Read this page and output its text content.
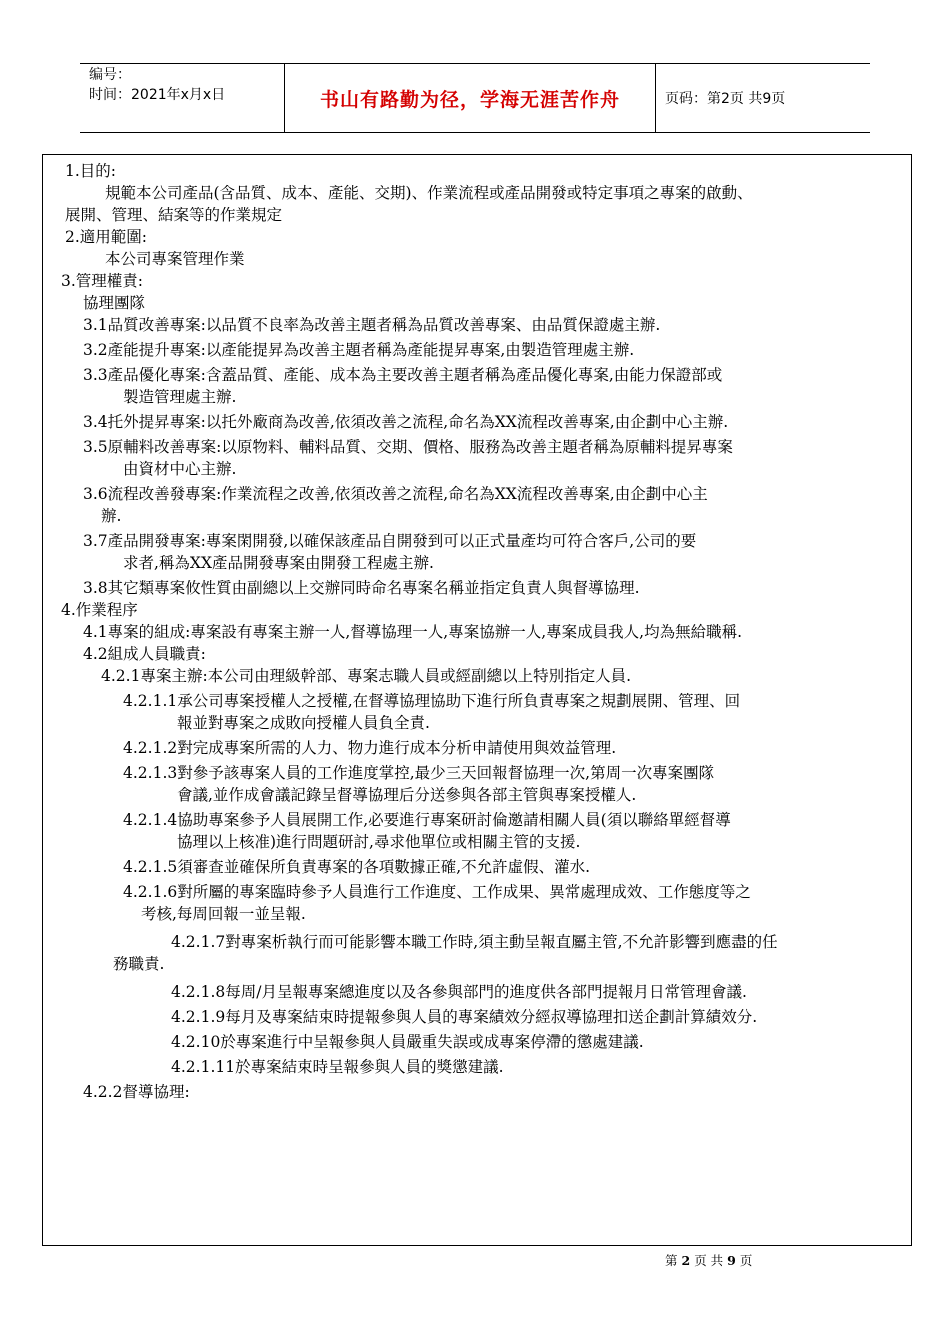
编号：
时间：2021年x月x日	书山有路勤为径，学海无涯苦作舟	页码：第2页 共9页
1.目的:
規範本公司產品(含品質、成本、產能、交期)、作業流程或產品開發或特定事項之專案的啟動、
展開、管理、結案等的作業規定
2.適用範圍:
本公司專案管理作業
3.管理權責:
協理團隊
3.1品質改善專案:以品質不良率為改善主題者稱為品質改善專案、由品質保證處主辦.
3.2產能提升專案:以產能提昇為改善主題者稱為產能提昇專案,由製造管理處主辦.
3.3產品優化專案:含蓋品質、產能、成本為主要改善主題者稱為產品優化專案,由能力保證部或
製造管理處主辦.
3.4托外提昇專案:以托外廠商為改善,依須改善之流程,命名為XX流程改善專案,由企劃中心主辦.
3.5原輔料改善專案:以原物料、輔料品質、交期、價格、服務為改善主題者稱為原輔料提昇專案
由資材中心主辦.
3.6流程改善發專案:作業流程之改善,依須改善之流程,命名為XX流程改善專案,由企劃中心主
辦.
3.7產品開發專案:專案閑開發,以確保該產品自開發到可以正式量產均可符合客戶,公司的要
求者,稱為XX產品開發專案由開發工程處主辦.
3.8其它類專案攸性質由副總以上交辦同時命名專案名稱並指定負責人與督導協理.
4.作業程序
4.1專案的組成:專案設有專案主辦一人,督導協理一人,專案協辦一人,專案成員我人,均為無給職稱.
4.2組成人員職責:
4.2.1專案主辦:本公司由理級幹部、專案志職人員或經副總以上特別指定人員.
4.2.1.1承公司專案授權人之授權,在督導協理協助下進行所負責專案之規劃展開、管理、回
報並對專案之成敗向授權人員負全責.
4.2.1.2對完成專案所需的人力、物力進行成本分析申請使用與效益管理.
4.2.1.3對參予該專案人員的工作進度掌控,最少三天回報督協理一次,第周一次專案團隊
會議,並作成會議記錄呈督導協理后分送參與各部主管與專案授權人.
4.2.1.4協助專案參予人員展開工作,必要進行專案研討倫邀請相關人員(須以聯絡單經督導
協理以上核准)進行問題研討,尋求他單位或相關主管的支援.
4.2.1.5須審查並確保所負責專案的各項數據正確,不允許虛假、灌水.
4.2.1.6對所屬的專案臨時參予人員進行工作進度、工作成果、異常處理成效、工作態度等之
考核,每周回報一並呈報.
4.2.1.7對專案析執行而可能影響本職工作時,須主動呈報直屬主管,不允許影響到應盡的任
務職責.
4.2.1.8每周/月呈報專案總進度以及各參與部門的進度供各部門提報月日常管理會議.
4.2.1.9每月及專案結束時提報參與人員的專案績效分經叔導協理扣送企劃計算績效分.
4.2.10於專案進行中呈報參與人員嚴重失誤或成專案停滯的懲處建議.
4.2.1.11於專案結束時呈報參與人員的獎懲建議.
4.2.2督導協理:
第 2 页 共 9 页
